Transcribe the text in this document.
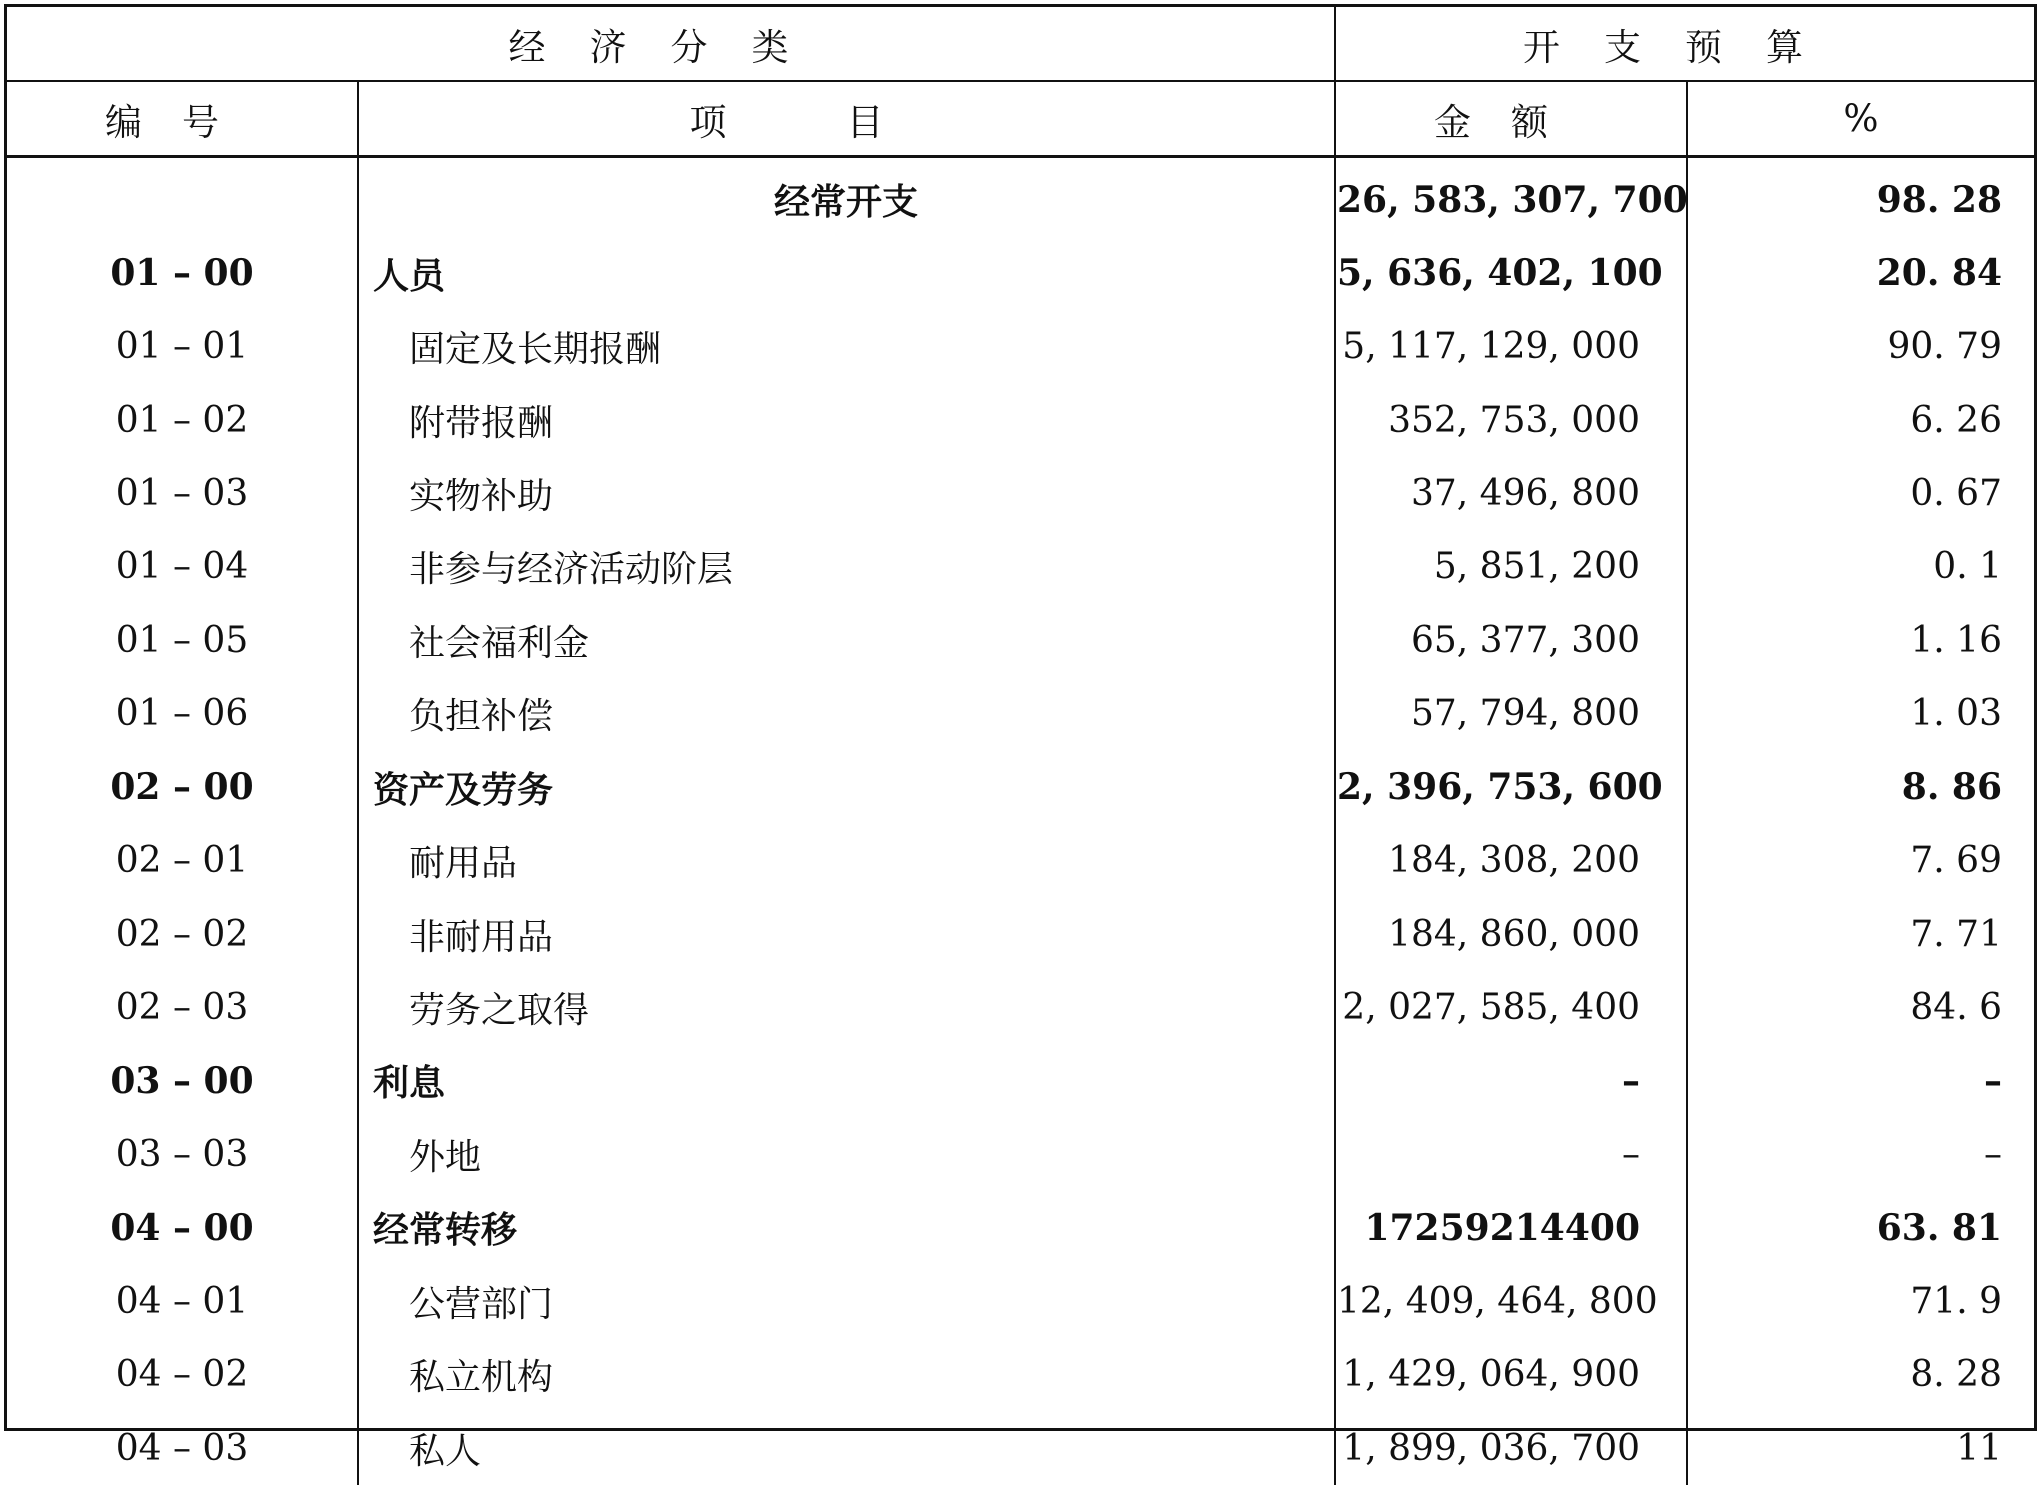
经济分类		开支预算	
编号	项目	金额	%
	经常开支	26, 583, 307, 700	98. 28
01 – 00	人员	5, 636, 402, 100	20. 84
01 – 01	固定及长期报酬	5, 117, 129, 000	90. 79
01 – 02	附带报酬	352, 753, 000	6. 26
01 – 03	实物补助	37, 496, 800	0. 67
01 – 04	非参与经济活动阶层	5, 851, 200	0. 1
01 – 05	社会福利金	65, 377, 300	1. 16
01 – 06	负担补偿	57, 794, 800	1. 03
02 – 00	资产及劳务	2, 396, 753, 600	8. 86
02 – 01	耐用品	184, 308, 200	7. 69
02 – 02	非耐用品	184, 860, 000	7. 71
02 – 03	劳务之取得	2, 027, 585, 400	84. 6
03 – 00	利息	–	–
03 – 03	外地	–	–
04 – 00	经常转移	17259214400	63. 81
04 – 01	公营部门	12, 409, 464, 800	71. 9
04 – 02	私立机构	1, 429, 064, 900	8. 28
04 – 03	私人	1, 899, 036, 700	11
